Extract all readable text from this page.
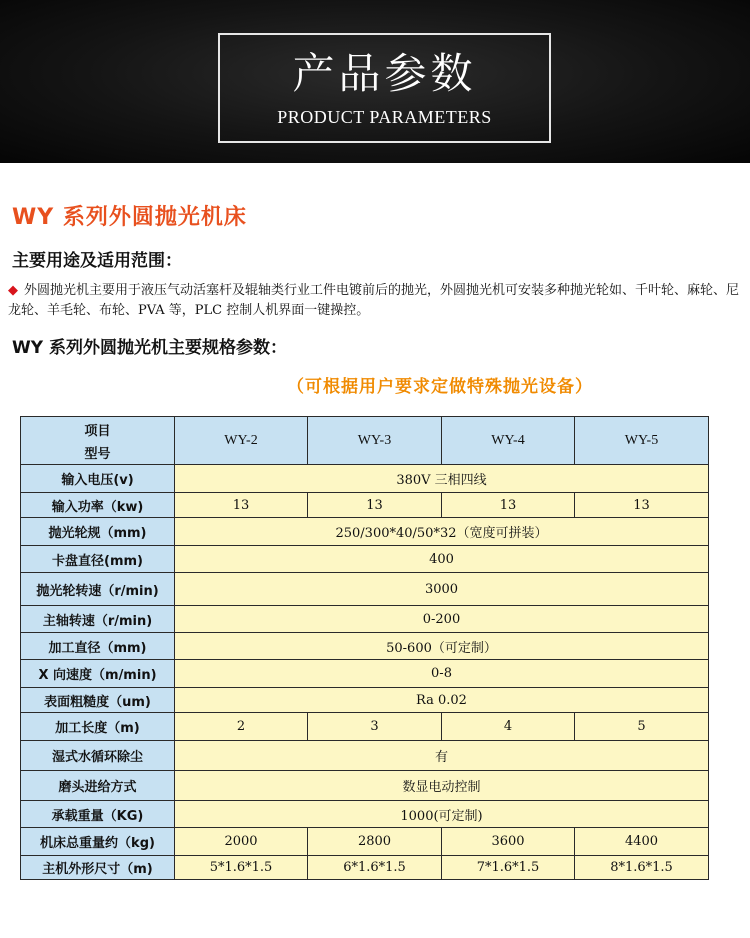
产品参数
PRODUCT PARAMETERS
WY 系列外圆抛光机床
主要用途及适用范围：
◆ 外圆抛光机主要用于液压气动活塞杆及辊轴类行业工件电镀前后的抛光，外圆抛光机可安装多种抛光轮如、千叶轮、麻轮、尼龙轮、羊毛轮、布轮、PVA 等，PLC 控制人机界面一键操控。
WY 系列外圆抛光机主要规格参数：
（可根据用户要求定做特殊抛光设备）
项目
型号	WY-2	WY-3	WY-4	WY-5
输入电压(v)	380V 三相四线			
输入功率（kw)	13	13	13	13
抛光轮规（mm)	250/300*40/50*32（宽度可拼装）			
卡盘直径(mm)	400			
抛光轮转速（r/min)	3000			
主轴转速（r/min)	0-200			
加工直径（mm)	50-600（可定制）			
X 向速度（m/min)	0-8			
表面粗糙度（um)	Ra 0.02			
加工长度（m)	2	3	4	5
湿式水循环除尘	有			
磨头进给方式	数显电动控制			
承载重量（KG)	1000(可定制)			
机床总重量约（kg)	2000	2800	3600	4400
主机外形尺寸（m)	5*1.6*1.5	6*1.6*1.5	7*1.6*1.5	8*1.6*1.5
